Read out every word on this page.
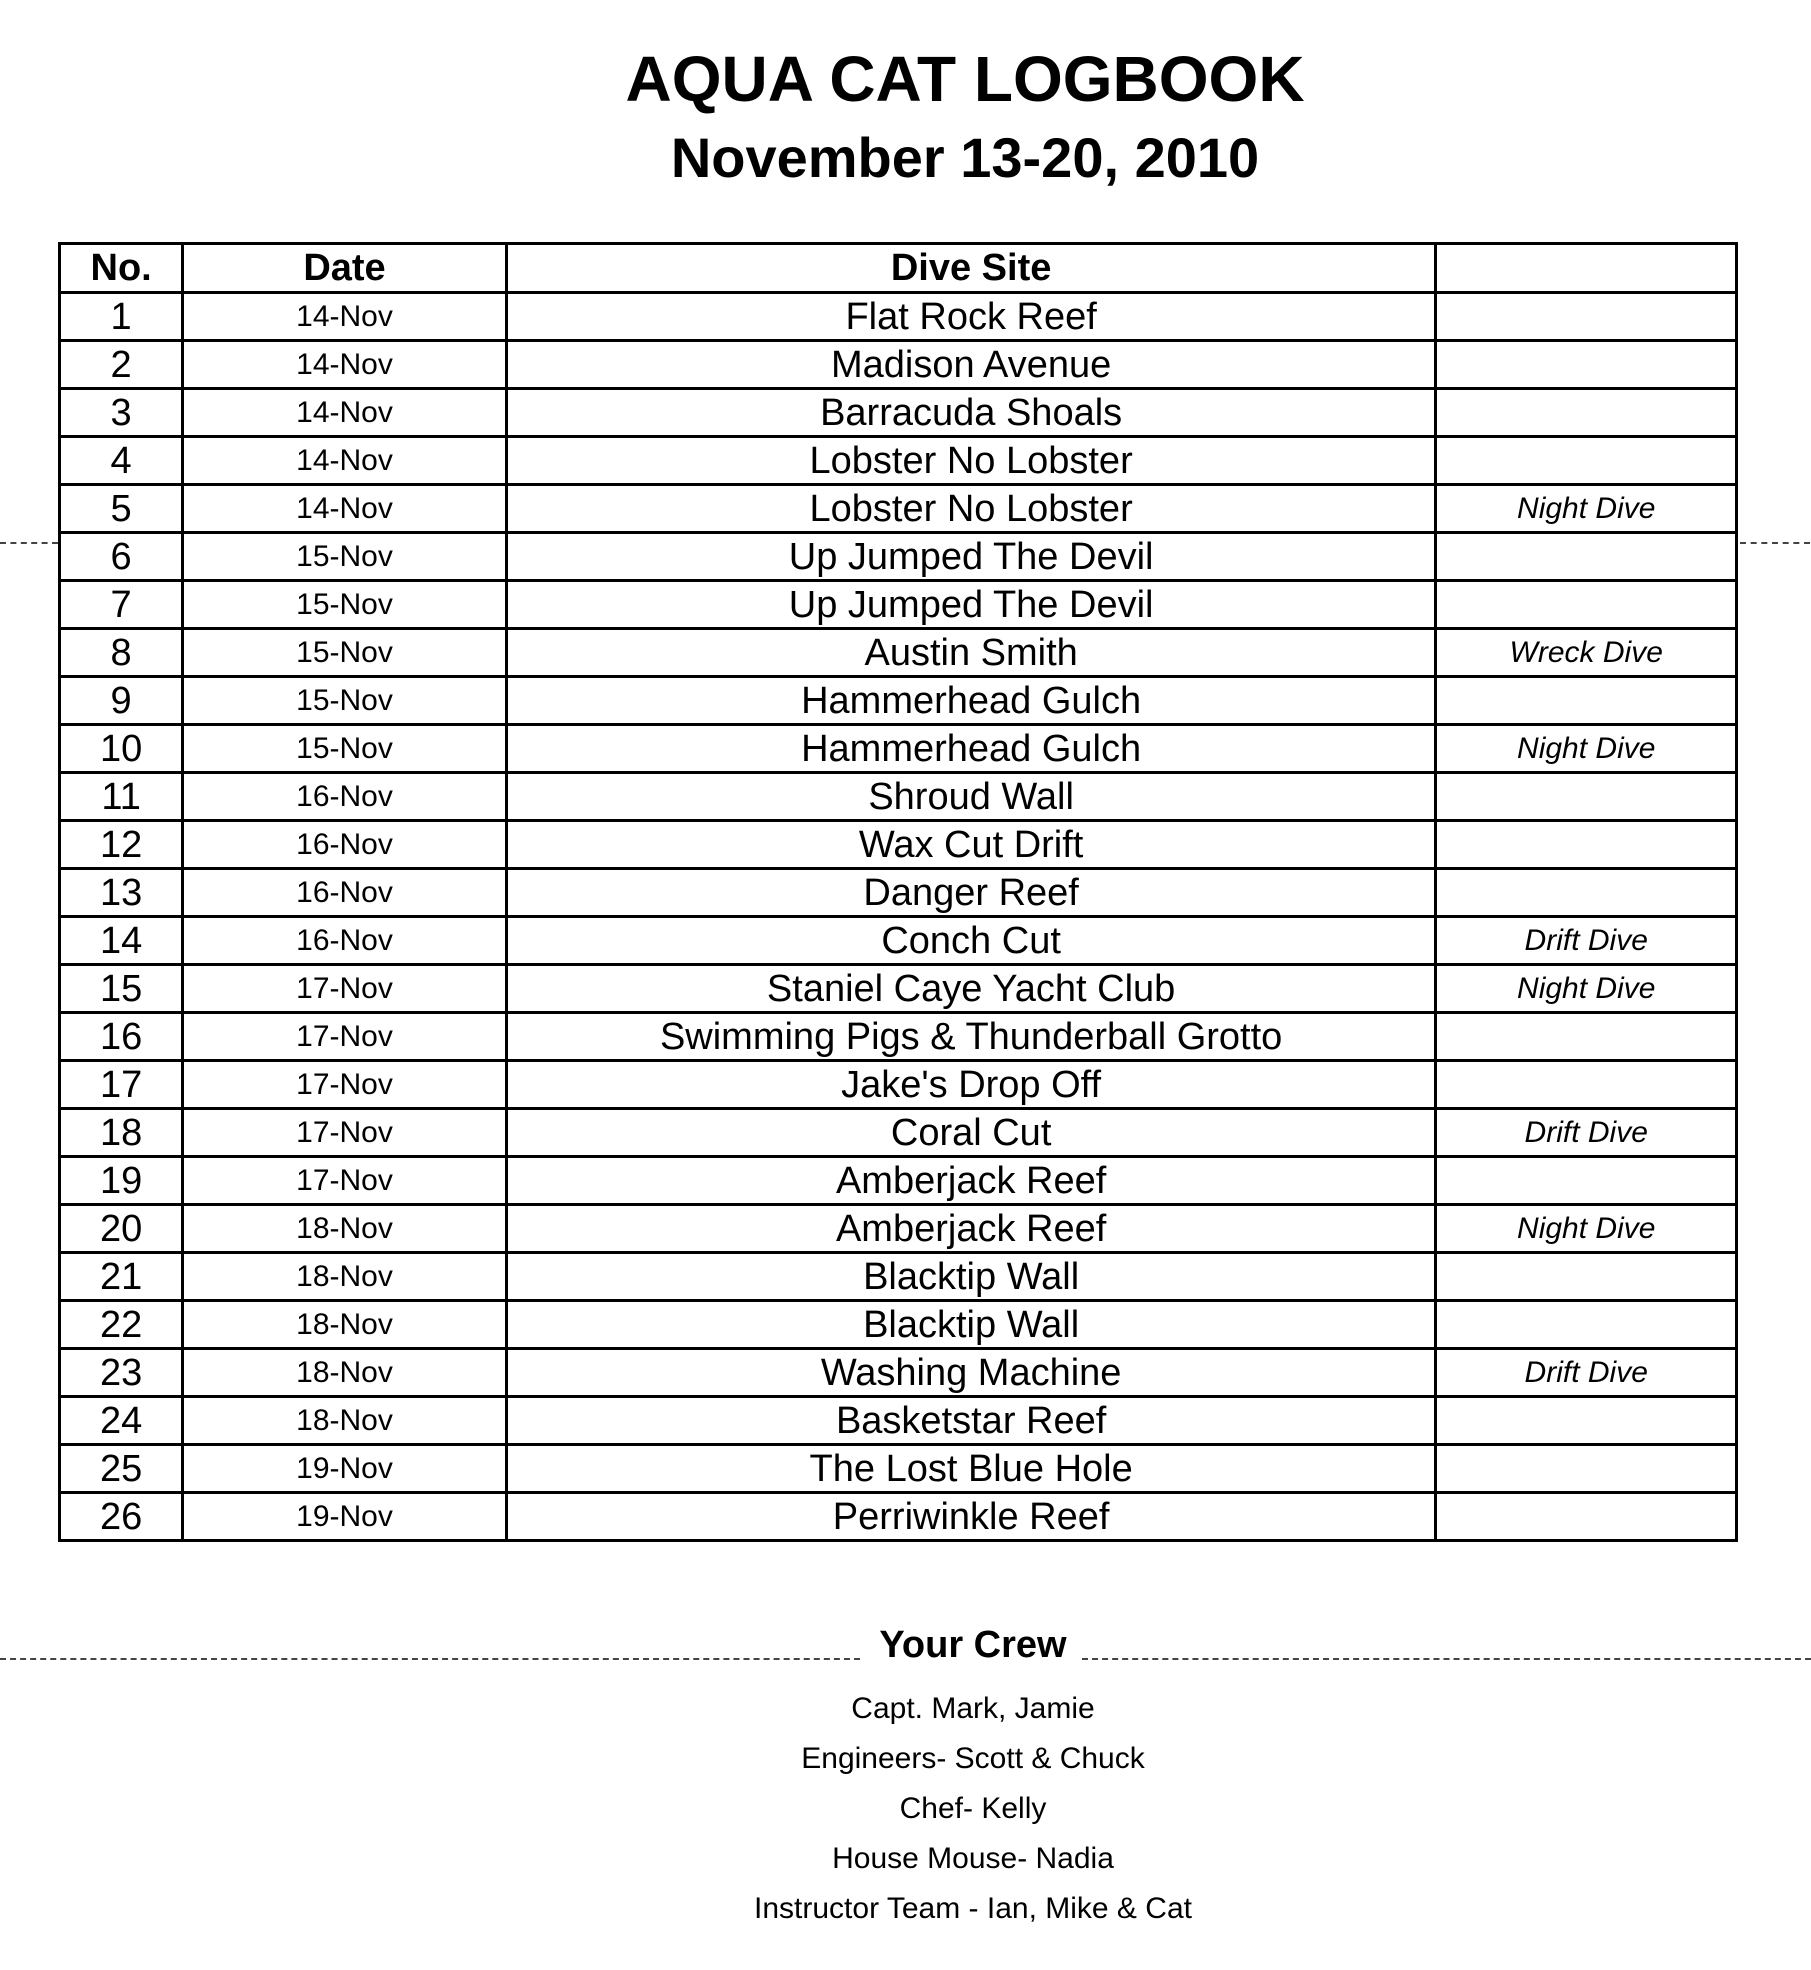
AQUA CAT LOGBOOK
November 13-20, 2010
No.	Date	Dive Site	
1	14-Nov	Flat Rock Reef	
2	14-Nov	Madison Avenue	
3	14-Nov	Barracuda Shoals	
4	14-Nov	Lobster No Lobster	
5	14-Nov	Lobster No Lobster	Night Dive
6	15-Nov	Up Jumped The Devil	
7	15-Nov	Up Jumped The Devil	
8	15-Nov	Austin Smith	Wreck Dive
9	15-Nov	Hammerhead Gulch	
10	15-Nov	Hammerhead Gulch	Night Dive
11	16-Nov	Shroud Wall	
12	16-Nov	Wax Cut Drift	
13	16-Nov	Danger Reef	
14	16-Nov	Conch Cut	Drift Dive
15	17-Nov	Staniel Caye Yacht Club	Night Dive
16	17-Nov	Swimming Pigs & Thunderball Grotto	
17	17-Nov	Jake's Drop Off	
18	17-Nov	Coral Cut	Drift Dive
19	17-Nov	Amberjack Reef	
20	18-Nov	Amberjack Reef	Night Dive
21	18-Nov	Blacktip Wall	
22	18-Nov	Blacktip Wall	
23	18-Nov	Washing Machine	Drift Dive
24	18-Nov	Basketstar Reef	
25	19-Nov	The Lost Blue Hole	
26	19-Nov	Perriwinkle Reef	
Your Crew
Capt. Mark, Jamie
Engineers- Scott & Chuck
Chef- Kelly
House Mouse- Nadia
Instructor Team - Ian, Mike & Cat
